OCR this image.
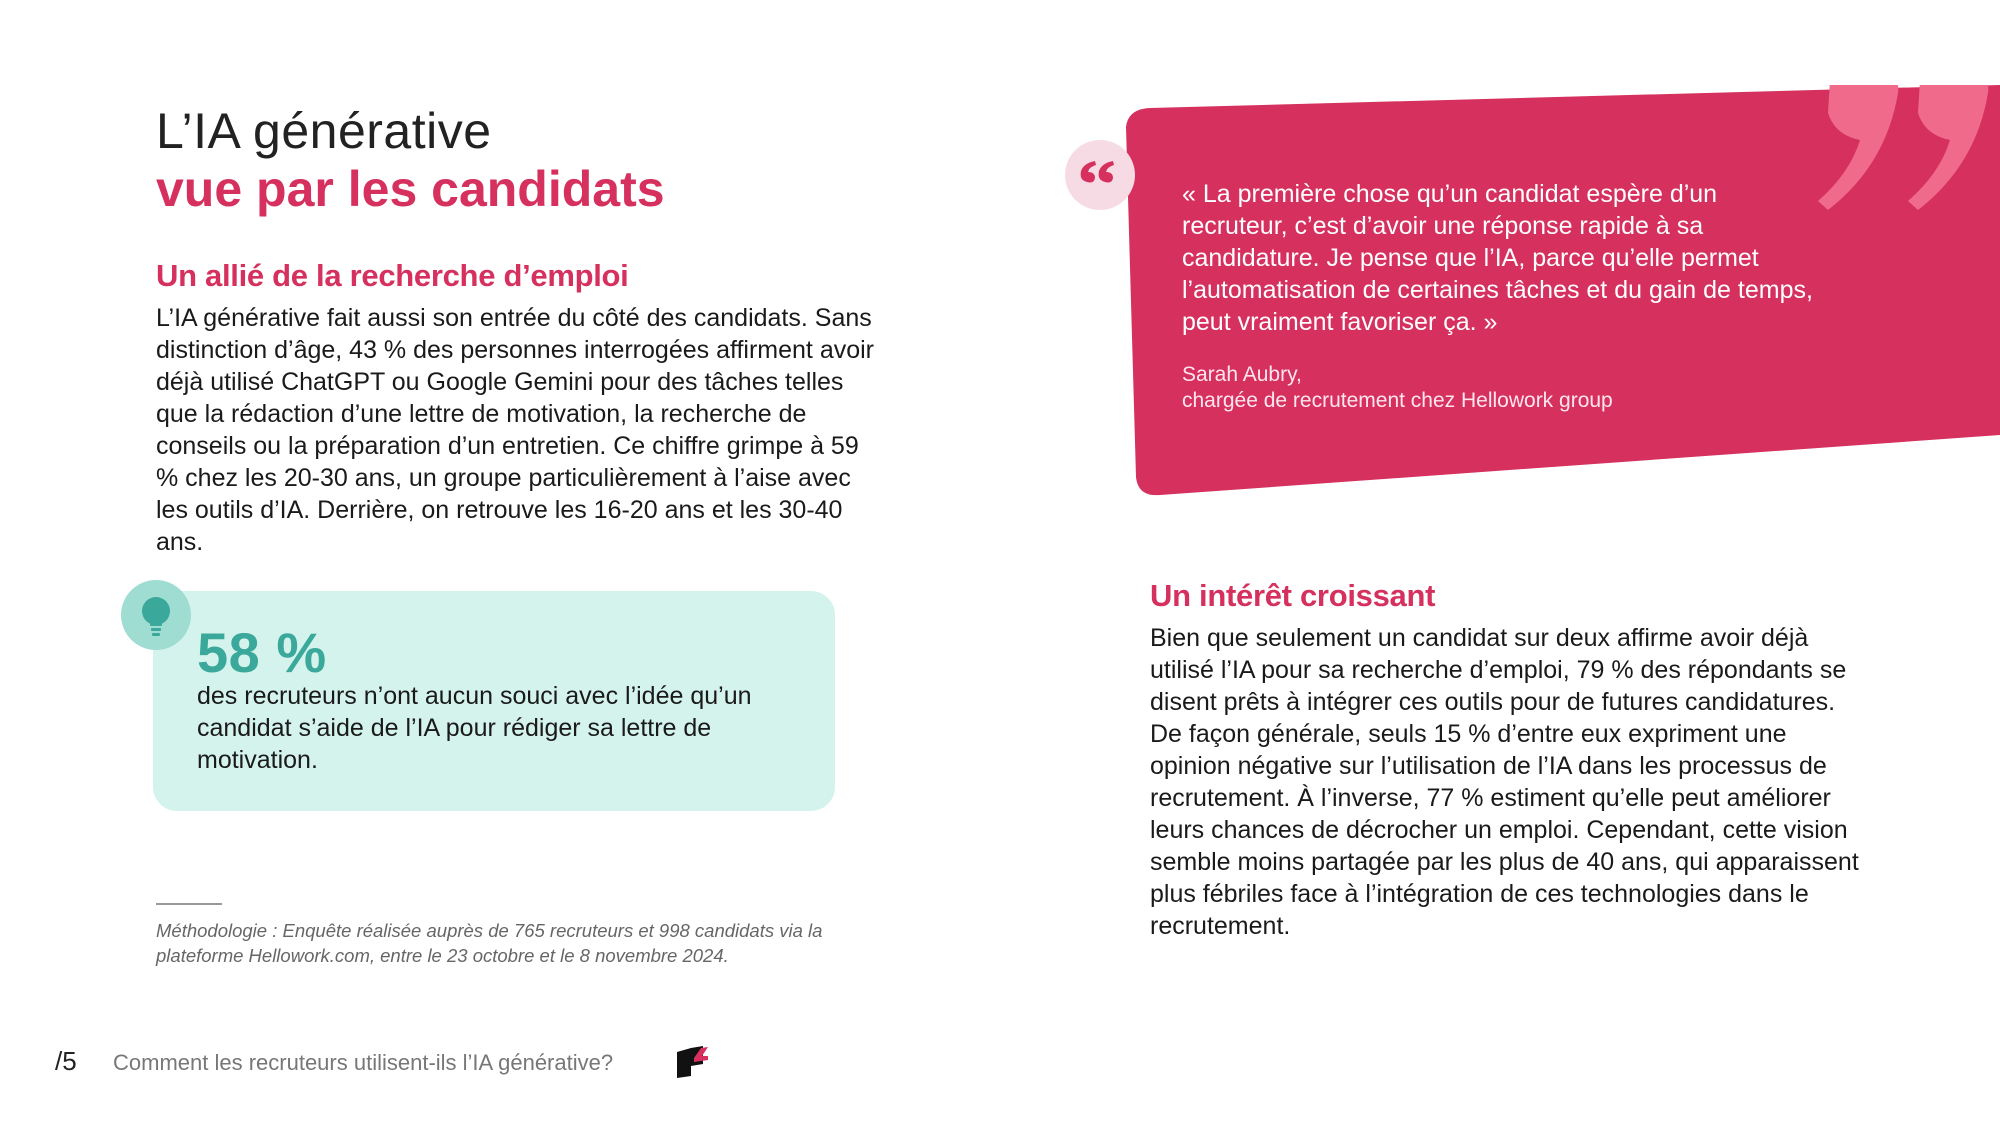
L’IA générative
vue par les candidats
Un allié de la recherche d’emploi
L’IA générative fait aussi son entrée du côté des candidats. Sans distinction d’âge, 43 % des personnes interrogées affirment avoir déjà utilisé ChatGPT ou Google Gemini pour des tâches telles que la rédaction d’une lettre de motivation, la recherche de conseils ou la préparation d’un entretien. Ce chiffre grimpe à 59 % chez les 20-30 ans, un groupe particulièrement à l’aise avec les outils d’IA. Derrière, on retrouve les 16-20 ans et les 30-40 ans.
58 %
des recruteurs n’ont aucun souci avec l’idée qu’un candidat s’aide de l’IA pour rédiger sa lettre de motivation.
Méthodologie : Enquête réalisée auprès de 765 recruteurs et 998 candidats via la plateforme Hellowork.com, entre le 23 octobre et le 8 novembre 2024.
« La première chose qu’un candidat espère d’un recruteur, c’est d’avoir une réponse rapide à sa candidature. Je pense que l’IA, parce qu’elle permet l’automatisation de certaines tâches et du gain de temps, peut vraiment favoriser ça. »
Sarah Aubry,
chargée de recrutement chez Hellowork group
Un intérêt croissant
Bien que seulement un candidat sur deux affirme avoir déjà utilisé l’IA pour sa recherche d’emploi, 79 % des répondants se disent prêts à intégrer ces outils pour de futures candidatures. De façon générale, seuls 15 % d’entre eux expriment une opinion négative sur l’utilisation de l’IA dans les processus de recrutement. À l’inverse, 77 % estiment qu’elle peut améliorer leurs chances de décrocher un emploi. Cependant, cette vision semble moins partagée par les plus de 40 ans, qui apparaissent plus fébriles face à l’intégration de ces technologies dans le recrutement.
/5 Comment les recruteurs utilisent-ils l’IA générative?
